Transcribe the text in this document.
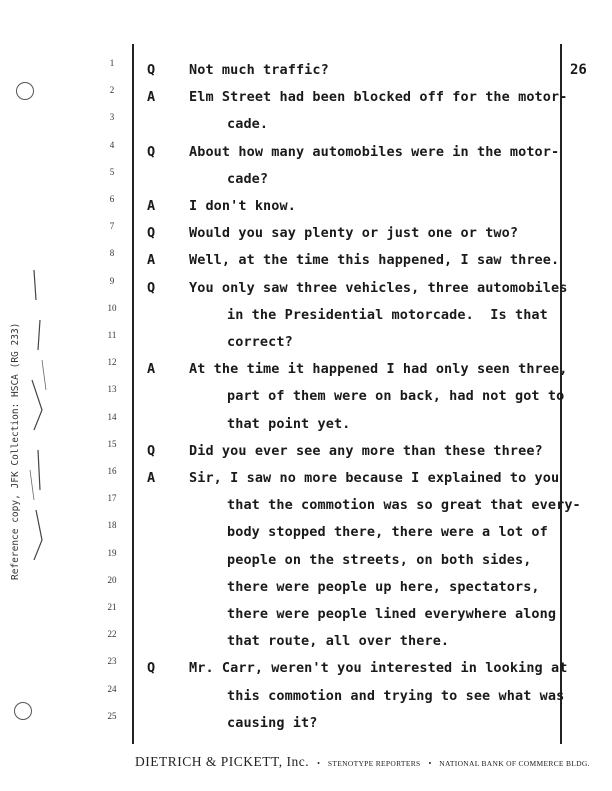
Reference copy, JFK Collection: HSCA (RG 233)
26
1	Q	Not much traffic?
2	A	Elm Street had been blocked off for the motor-
3	cade.
4	Q	About how many automobiles were in the motor-
5	cade?
6	A	I don't know.
7	Q	Would you say plenty or just one or two?
8	A	Well, at the time this happened, I saw three.
9	Q	You only saw three vehicles, three automobiles
10	in the Presidential motorcade.  Is that
11	correct?
12	A	At the time it happened I had only seen three,
13	part of them were on back, had not got to
14	that point yet.
15	Q	Did you ever see any more than these three?
16	A	Sir, I saw no more because I explained to you
17	that the commotion was so great that every-
18	body stopped there, there were a lot of
19	people on the streets, on both sides,
20	there were people up here, spectators,
21	there were people lined everywhere along
22	that route, all over there.
23	Q	Mr. Carr, weren't you interested in looking at
24	this commotion and trying to see what was
25	causing it?
DIETRICH & PICKETT, Inc. • STENOTYPE REPORTERS • NATIONAL BANK OF COMMERCE BLDG.
